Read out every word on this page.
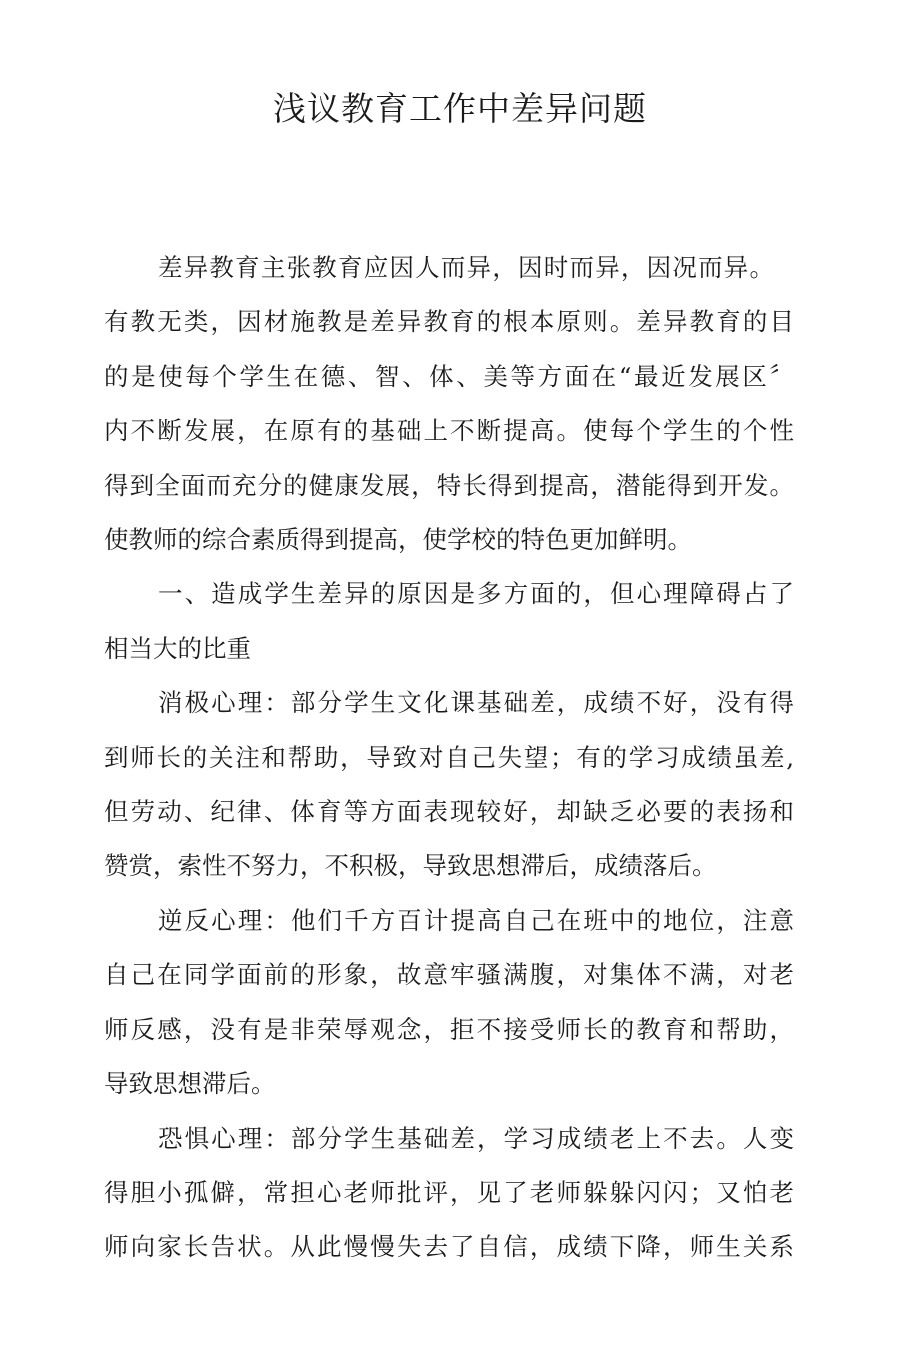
浅议教育工作中差异问题
差异教育主张教育应因人而异，因时而异，因况而异。
有教无类，因材施教是差异教育的根本原则。差异教育的目
的是使每个学生在德、智、体、美等方面在“最近发展区〞
内不断发展，在原有的基础上不断提高。使每个学生的个性
得到全面而充分的健康发展，特长得到提高，潜能得到开发。
使教师的综合素质得到提高，使学校的特色更加鲜明。
一、造成学生差异的原因是多方面的，但心理障碍占了
相当大的比重
消极心理：部分学生文化课基础差，成绩不好，没有得
到师长的关注和帮助，导致对自己失望；有的学习成绩虽差,
但劳动、纪律、体育等方面表现较好，却缺乏必要的表扬和
赞赏，索性不努力，不积极，导致思想滞后，成绩落后。
逆反心理：他们千方百计提高自己在班中的地位，注意
自己在同学面前的形象，故意牢骚满腹，对集体不满，对老
师反感，没有是非荣辱观念，拒不接受师长的教育和帮助，
导致思想滞后。
恐惧心理：部分学生基础差，学习成绩老上不去。人变
得胆小孤僻，常担心老师批评，见了老师躲躲闪闪；又怕老
师向家长告状。从此慢慢失去了自信，成绩下降，师生关系
